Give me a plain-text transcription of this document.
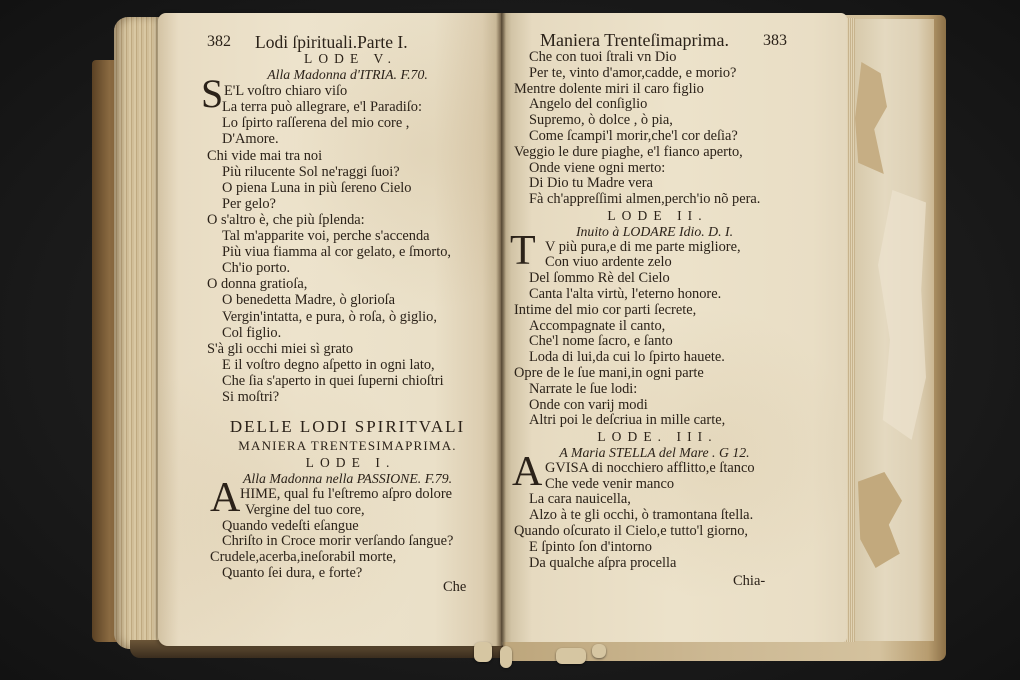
382 Lodi ſpirituali.Parte I.
LODE V.
Alla Madonna d'ITRIA. F.70.
S E'L voſtro chiaro viſo
La terra può allegrare, e'l Paradiſo:
Lo ſpirto raſſerena del mio core ,
D'Amore.
Chi vide mai tra noi
Più rilucente Sol ne'raggi ſuoi?
O piena Luna in più ſereno Cielo
Per gelo?
O s'altro è, che più ſplenda:
Tal m'apparite voi, perche s'accenda
Più viua fiamma al cor gelato, e ſmorto,
Ch'io porto.
O donna gratioſa,
O benedetta Madre, ò glorioſa
Vergin'intatta, e pura, ò roſa, ò giglio,
Col figlio.
S'à gli occhi miei sì grato
E il voſtro degno aſpetto in ogni lato,
Che ſia s'aperto in quei ſuperni chioſtri
Si moſtri?
DELLE LODI SPIRITVALI
MANIERA TRENTESIMAPRIMA.
LODE I.
Alla Madonna nella PASSIONE. F.79.
A HIME, qual fu l'eſtremo aſpro dolore
Vergine del tuo core,
Quando vedeſti eſangue
Chriſto in Croce morir verſando ſangue?
Crudele,acerba,ineſorabil morte,
Quanto ſei dura, e forte?
Che
Maniera Trenteſimaprima. 383
Che con tuoi ſtrali vn Dio
Per te, vinto d'amor,cadde, e morio?
Mentre dolente miri il caro figlio
Angelo del conſiglio
Supremo, ò dolce , ò pia,
Come ſcampi'l morir,che'l cor deſia?
Veggio le dure piaghe, e'l fianco aperto,
Onde viene ogni merto:
Di Dio tu Madre vera
Fà ch'appreſſimi almen,perch'io nõ pera.
LODE II.
Inuito à LODARE Idio. D. I.
T V più pura,e di me parte migliore,
Con viuo ardente zelo
Del ſommo Rè del Cielo
Canta l'alta virtù, l'eterno honore.
Intime del mio cor parti ſecrete,
Accompagnate il canto,
Che'l nome ſacro, e ſanto
Loda di lui,da cui lo ſpirto hauete.
Opre de le ſue mani,in ogni parte
Narrate le ſue lodi:
Onde con varij modi
Altri poi le deſcriua in mille carte,
LODE. III.
A Maria STELLA del Mare . G 12.
A GVISA di nocchiero afflitto,e ſtanco
Che vede venir manco
La cara nauicella,
Alzo à te gli occhi, ò tramontana ſtella.
Quando oſcurato il Cielo,e tutto'l giorno,
E ſpinto ſon d'intorno
Da qualche aſpra procella
Chia-
